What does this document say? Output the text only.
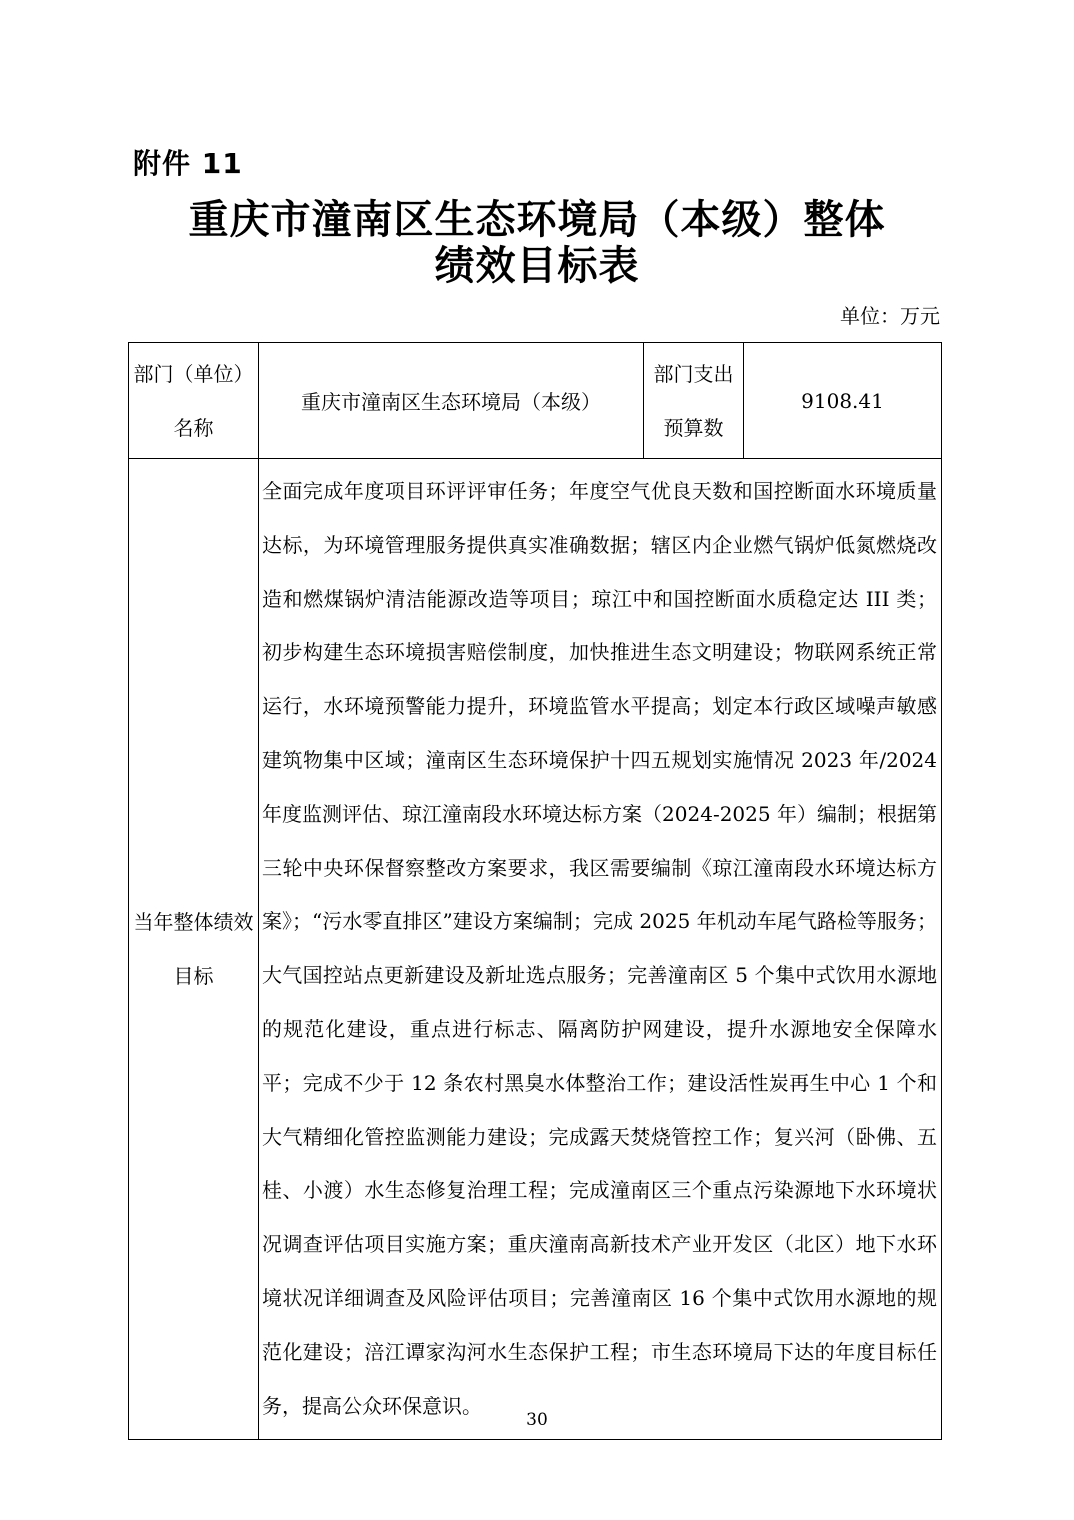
附件 11
重庆市潼南区生态环境局（本级）整体
绩效目标表
单位：万元
部门（单位）
名称	重庆市潼南区生态环境局（本级）	部门支出
预算数	9108.41

当年整体绩效
目标	全面完成年度项目环评评审任务；年度空气优良天数和国控断面水环境质量达标，为环境管理服务提供真实准确数据；辖区内企业燃气锅炉低氮燃烧改造和燃煤锅炉清洁能源改造等项目；琼江中和国控断面水质稳定达 III 类；初步构建生态环境损害赔偿制度，加快推进生态文明建设；物联网系统正常运行，水环境预警能力提升，环境监管水平提高；划定本行政区域噪声敏感建筑物集中区域；潼南区生态环境保护十四五规划实施情况 2023 年/2024 年度监测评估、琼江潼南段水环境达标方案（2024-2025 年）编制；根据第三轮中央环保督察整改方案要求，我区需要编制《琼江潼南段水环境达标方案》；“污水零直排区”建设方案编制；完成 2025 年机动车尾气路检等服务；大气国控站点更新建设及新址选点服务；完善潼南区 5 个集中式饮用水源地的规范化建设，重点进行标志、隔离防护网建设，提升水源地安全保障水平；完成不少于 12 条农村黑臭水体整治工作；建设活性炭再生中心 1 个和大气精细化管控监测能力建设；完成露天焚烧管控工作；复兴河（卧佛、五桂、小渡）水生态修复治理工程；完成潼南区三个重点污染源地下水环境状况调查评估项目实施方案；重庆潼南高新技术产业开发区（北区）地下水环境状况详细调查及风险评估项目；完善潼南区 16 个集中式饮用水源地的规范化建设；涪江谭家沟河水生态保护工程；市生态环境局下达的年度目标任务，提高公众环保意识。		
30
